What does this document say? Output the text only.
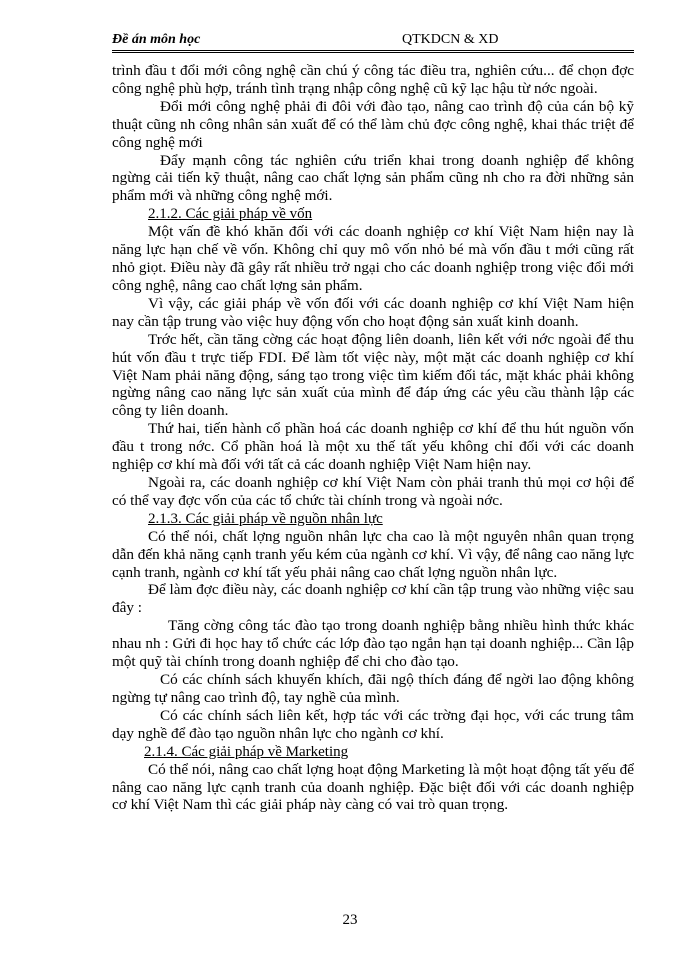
Đề án môn học	QTKDCN & XD

trình đầu t đổi mới công nghệ cần chú ý công tác điều tra, nghiên cứu... để chọn đợc công nghệ phù hợp, tránh tình trạng nhập công nghệ cũ kỹ lạc hậu từ nớc ngoài.

Đổi mới công nghệ phải đi đôi với đào tạo, nâng cao trình độ của cán bộ kỹ thuật cũng nh công nhân sản xuất để có thể làm chủ đợc công nghệ, khai thác triệt để công nghệ mới

Đẩy mạnh công tác nghiên cứu triển khai trong doanh nghiệp để không ngừng cải tiến kỹ thuật, nâng cao chất lợng sản phẩm cũng nh cho ra đời những sản phẩm mới và những công nghệ mới.

2.1.2. Các giải pháp về vốn

Một vấn đề khó khăn đối với các doanh nghiệp cơ khí Việt Nam hiện nay là năng lực hạn chế về vốn. Không chỉ quy mô vốn nhỏ bé mà vốn đầu t mới cũng rất nhỏ giọt. Điều này đã gây rất nhiều trở ngại cho các doanh nghiệp trong việc đổi mới công nghệ, nâng cao chất lợng sản phẩm.

Vì vậy, các giải pháp về vốn đối với các doanh nghiệp cơ khí Việt Nam hiện nay cần tập trung vào việc huy động vốn cho hoạt động sản xuất kinh doanh.

Trớc hết, cần tăng cờng các hoạt động liên doanh, liên kết với nớc ngoài để thu hút vốn đầu t trực tiếp FDI. Để làm tốt việc này, một mặt các doanh nghiệp cơ khí Việt Nam phải năng động, sáng tạo trong việc tìm kiếm đối tác, mặt khác phải không ngừng nâng cao năng lực sản xuất của mình để đáp ứng các yêu cầu thành lập các công ty liên doanh.

Thứ hai, tiến hành cổ phần hoá các doanh nghiệp cơ khí để thu hút nguồn vốn đầu t trong nớc. Cổ phần hoá là một xu thế tất yếu không chỉ đối với các doanh nghiệp cơ khí mà đối với tất cả các doanh nghiệp Việt Nam hiện nay.

Ngoài ra, các doanh nghiệp cơ khí Việt Nam còn phải tranh thủ mọi cơ hội để có thể vay đợc vốn của các tổ chức tài chính trong và ngoài nớc.

2.1.3. Các giải pháp về nguồn nhân lực

Có thể nói, chất lợng nguồn nhân lực cha cao là một nguyên nhân quan trọng dẫn đến khả năng cạnh tranh yếu kém của ngành cơ khí. Vì vậy, để nâng cao năng lực cạnh tranh, ngành cơ khí tất yếu phải nâng cao chất lợng nguồn nhân lực.

Để làm đợc điều này, các doanh nghiệp cơ khí cần tập trung vào những việc sau đây :

Tăng cờng công tác đào tạo trong doanh nghiệp bằng nhiều hình thức khác nhau nh : Gửi đi học hay tổ chức các lớp đào tạo ngắn hạn tại doanh nghiệp... Cần lập một quỹ tài chính trong doanh nghiệp để chi cho đào tạo.

Có các chính sách khuyến khích, đãi ngộ thích đáng để ngời lao động không ngừng tự nâng cao trình độ, tay nghề của mình.

Có các chính sách liên kết, hợp tác với các trờng đại học, với các trung tâm dạy nghề để đào tạo nguồn nhân lực cho ngành cơ khí.

2.1.4. Các giải pháp về Marketing

Có thể nói, nâng cao chất lợng hoạt động Marketing là một hoạt động tất yếu để nâng cao năng lực cạnh tranh của doanh nghiệp. Đặc biệt đối với các doanh nghiệp cơ khí Việt Nam thì các giải pháp này càng có vai trò quan trọng.

23
